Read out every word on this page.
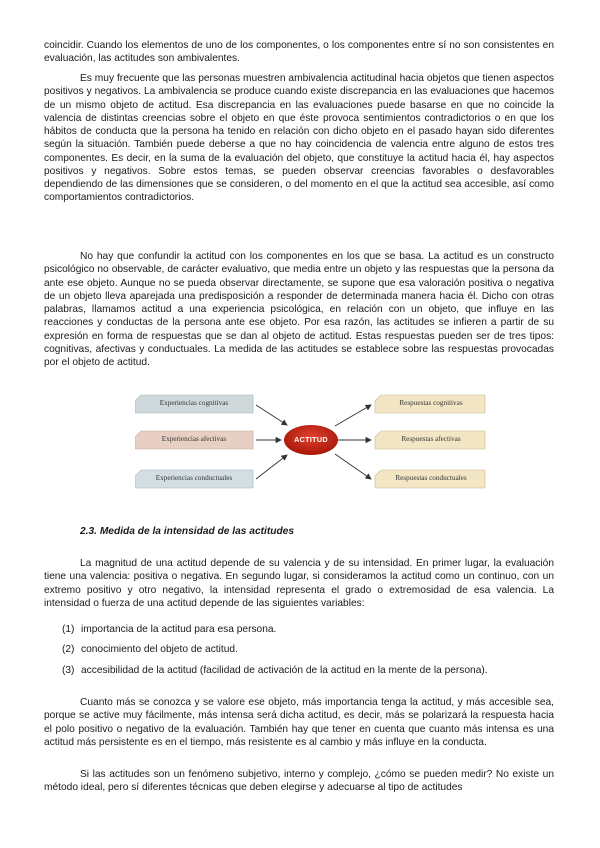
coincidir. Cuando los elementos de uno de los componentes, o los componentes entre sí no son consistentes en evaluación, las actitudes son ambivalentes.

Es muy frecuente que las personas muestren ambivalencia actitudinal hacia objetos que tienen aspectos positivos y negativos. La ambivalencia se produce cuando existe discrepancia en las evaluaciones que hacemos de un mismo objeto de actitud. Esa discrepancia en las evaluaciones puede basarse en que no coincide la valencia de distintas creencias sobre el objeto en que éste provoca sentimientos contradictorios o en que los hábitos de conducta que la persona ha tenido en relación con dicho objeto en el pasado hayan sido diferentes según la situación. También puede deberse a que no hay coincidencia de valencia entre alguno de estos tres componentes. Es decir, en la suma de la evaluación del objeto, que constituye la actitud hacia él, hay aspectos positivos y negativos. Sobre estos temas, se pueden observar creencias favorables o desfavorables dependiendo de las dimensiones que se consideren, o del momento en el que la actitud sea accesible, así como comportamientos contradictorios.

No hay que confundir la actitud con los componentes en los que se basa. La actitud es un constructo psicológico no observable, de carácter evaluativo, que media entre un objeto y las respuestas que la persona da ante ese objeto. Aunque no se pueda observar directamente, se supone que esa valoración positiva o negativa de un objeto lleva aparejada una predisposición a responder de determinada manera hacia él. Dicho con otras palabras, llamamos actitud a una experiencia psicológica, en relación con un objeto, que influye en las reacciones y conductas de la persona ante ese objeto. Por esa razón, las actitudes se infieren a partir de su expresión en forma de respuestas que se dan al objeto de actitud. Estas respuestas pueden ser de tres tipos: cognitivas, afectivas y conductuales. La medida de las actitudes se establece sobre las respuestas provocadas por el objeto de actitud.

Experiencias cognitivas
Experiencias afectivas
Experiencias conductuales
Respuestas cognitivas
Respuestas afectivas
Respuestas conductuales
ACTITUD

2.3. Medida de la intensidad de las actitudes

La magnitud de una actitud depende de su valencia y de su intensidad. En primer lugar, la evaluación tiene una valencia: positiva o negativa. En segundo lugar, si consideramos la actitud como un continuo, con un extremo positivo y otro negativo, la intensidad representa el grado o extremosidad de esa valencia. La intensidad o fuerza de una actitud depende de las siguientes variables:

(1) importancia de la actitud para esa persona.

(2) conocimiento del objeto de actitud.

(3) accesibilidad de la actitud (facilidad de activación de la actitud en la mente de la persona).

Cuanto más se conozca y se valore ese objeto, más importancia tenga la actitud, y más accesible sea, porque se active muy fácilmente, más intensa será dicha actitud, es decir, más se polarizará la respuesta hacia el polo positivo o negativo de la evaluación. También hay que tener en cuenta que cuanto más intensa es una actitud más persistente es en el tiempo, más resistente es al cambio y más influye en la conducta.

Si las actitudes son un fenómeno subjetivo, interno y complejo, ¿cómo se pueden medir? No existe un método ideal, pero sí diferentes técnicas que deben elegirse y adecuarse al tipo de actitudes
